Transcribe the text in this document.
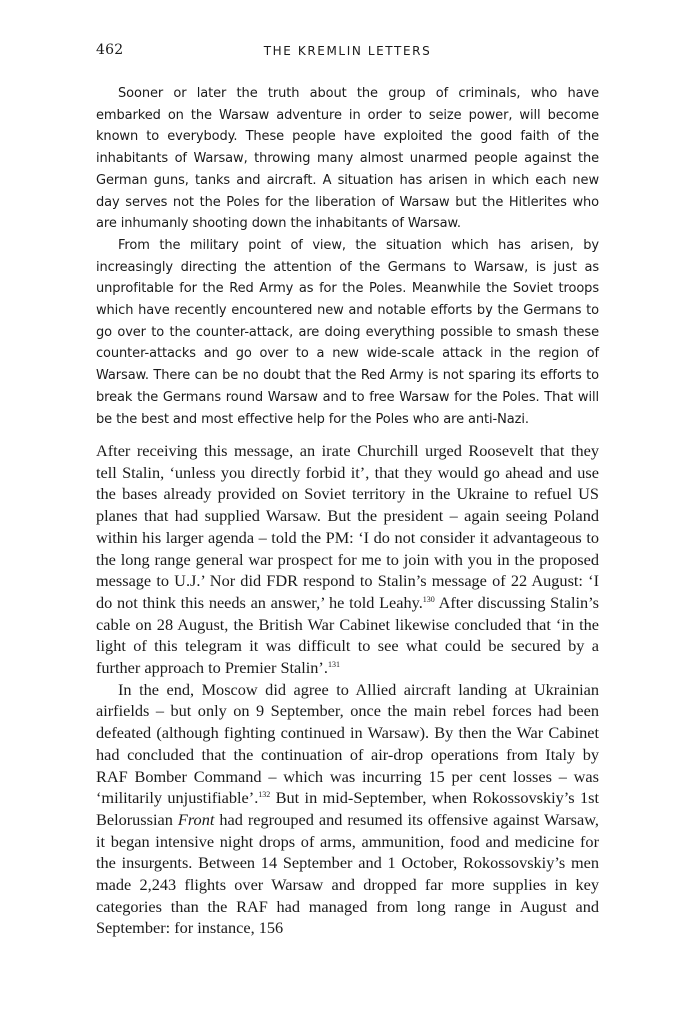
462	THE KREMLIN LETTERS

Sooner or later the truth about the group of criminals, who have embarked on the Warsaw adventure in order to seize power, will become known to everybody. These people have exploited the good faith of the inhabitants of Warsaw, throwing many almost unarmed people against the German guns, tanks and aircraft. A situation has arisen in which each new day serves not the Poles for the liberation of Warsaw but the Hitlerites who are inhumanly shooting down the inhabitants of Warsaw.

From the military point of view, the situation which has arisen, by increasingly directing the attention of the Germans to Warsaw, is just as unprofitable for the Red Army as for the Poles. Meanwhile the Soviet troops which have recently encountered new and notable efforts by the Germans to go over to the counter-attack, are doing everything possible to smash these counter-attacks and go over to a new wide-scale attack in the region of Warsaw. There can be no doubt that the Red Army is not sparing its efforts to break the Germans round Warsaw and to free Warsaw for the Poles. That will be the best and most effective help for the Poles who are anti-Nazi.

After receiving this message, an irate Churchill urged Roosevelt that they tell Stalin, ‘unless you directly forbid it’, that they would go ahead and use the bases already provided on Soviet territory in the Ukraine to refuel US planes that had supplied Warsaw. But the president – again seeing Poland within his larger agenda – told the PM: ‘I do not consider it advantageous to the long range general war prospect for me to join with you in the proposed message to U.J.’ Nor did FDR respond to Stalin’s message of 22 August: ‘I do not think this needs an answer,’ he told Leahy.$^{130}$ After discussing Stalin’s cable on 28 August, the British War Cabinet likewise concluded that ‘in the light of this telegram it was difficult to see what could be secured by a further approach to Premier Stalin’.$^{131}$

In the end, Moscow did agree to Allied aircraft landing at Ukrainian airfields – but only on 9 September, once the main rebel forces had been defeated (although fighting continued in Warsaw). By then the War Cabinet had concluded that the continuation of air-drop operations from Italy by RAF Bomber Command – which was incurring 15 per cent losses – was ‘militarily unjustifiable’.$^{132}$ But in mid-September, when Rokossovskiy’s 1st Belorussian Front had regrouped and resumed its offensive against Warsaw, it began intensive night drops of arms, ammunition, food and medicine for the insurgents. Between 14 September and 1 October, Rokossovskiy’s men made 2,243 flights over Warsaw and dropped far more supplies in key categories than the RAF had managed from long range in August and September: for instance, 156
